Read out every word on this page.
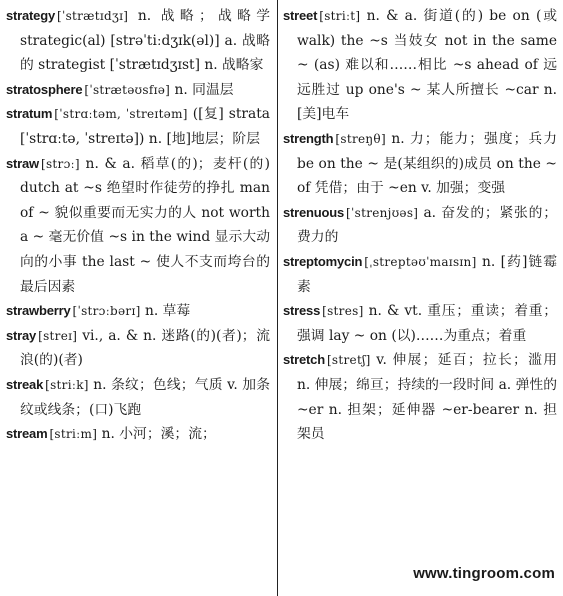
strategy [ˈstrætɪdʒɪ] n. 战略；战略学 strategic(al) [strəˈtiːdʒɪk(əl)] a. 战略的 strategist [ˈstrætɪdʒɪst] n. 战略家
stratosphere [ˈstrætəʊsfɪə] n. 同温层
stratum [ˈstrɑːtəm, ˈstreɪtəm] ([复] strata [ˈstrɑːtə, ˈstreɪtə]) n. [地]地层；阶层
straw [strɔː] n. & a. 稻草(的)；麦杆(的) dutch at ~s 绝望时作徒劳的挣扎 man of ~ 貌似重要而无实力的人 not worth a ~ 毫无价值 ~s in the wind 显示大动向的小事 the last ~ 使人不支而垮台的最后因素
strawberry [ˈstrɔːbərɪ] n. 草莓
stray [streɪ] vi., a. & n. 迷路(的)(者)；流浪(的)(者)
streak [striːk] n. 条纹；色线；气质 v. 加条纹或线条；(口)飞跑
stream [striːm] n. 小河；溪；流；
street [striːt] n. & a. 街道(的) be on (或 walk) the ~s 当妓女 not in the same ~ (as) 难以和……相比 ~s ahead of 远远胜过 up one's ~ 某人所擅长 ~car n. [美]电车
strength [streŋθ] n. 力；能力；强度；兵力 be on the ~ 是(某组织的)成员 on the ~ of 凭借；由于 ~en v. 加强；变强
strenuous [ˈstrenjʊəs] a. 奋发的；紧张的；费力的
streptomycin [ˌstreptəʊˈmaɪsɪn] n. [药]链霉素
stress [stres] n. & vt. 重压；重读；着重；强调 lay ~ on (以)……为重点；着重
stretch [stretʃ] v. 伸展；延百；拉长；滥用 n. 伸展；绵亘；持续的一段时间 a. 弹性的 ~er n. 担架；延伸器 ~er-bearer n. 担架员
www.tingroom.com
